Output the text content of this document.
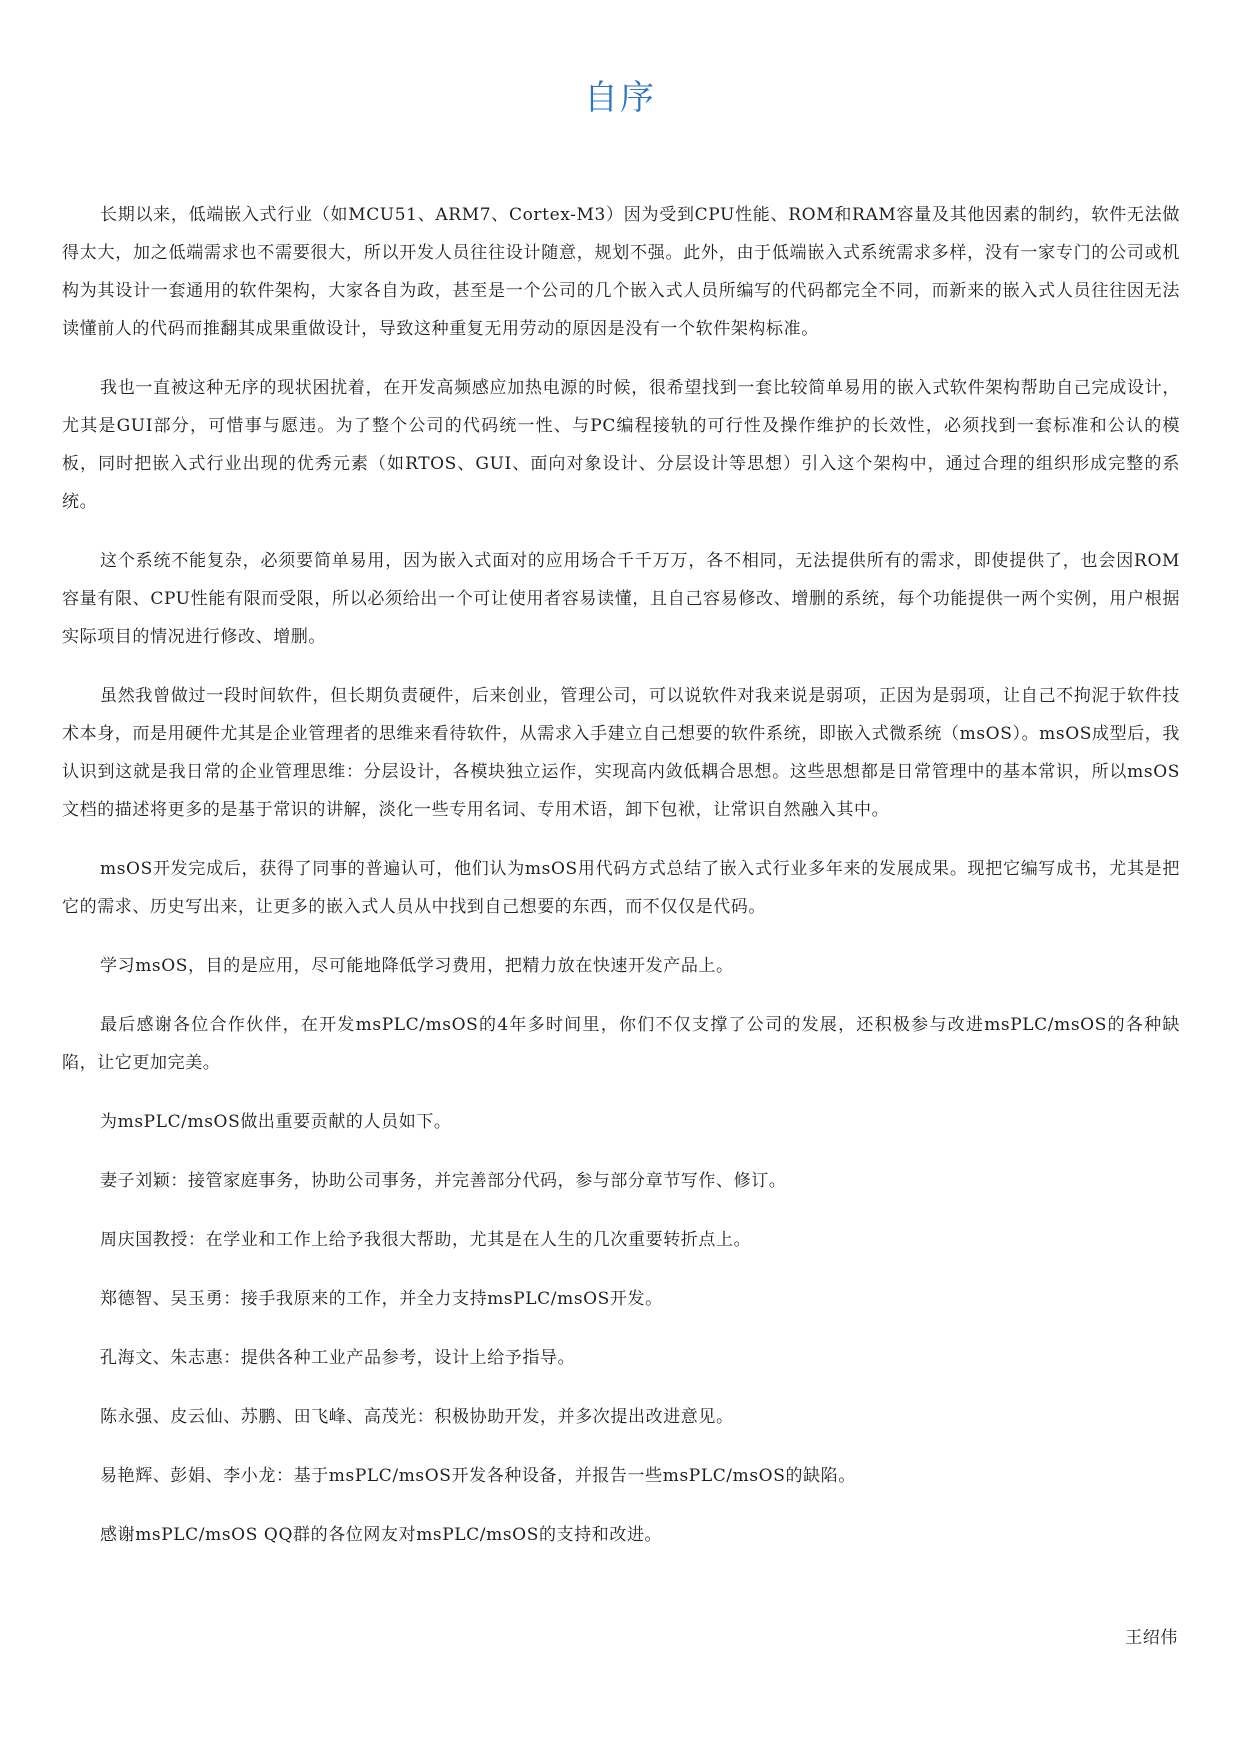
自序

长期以来，低端嵌入式行业（如MCU51、ARM7、Cortex-M3）因为受到CPU性能、ROM和RAM容量及其他因素的制约，软件无法做得太大，加之低端需求也不需要很大，所以开发人员往往设计随意，规划不强。此外，由于低端嵌入式系统需求多样，没有一家专门的公司或机构为其设计一套通用的软件架构，大家各自为政，甚至是一个公司的几个嵌入式人员所编写的代码都完全不同，而新来的嵌入式人员往往因无法读懂前人的代码而推翻其成果重做设计，导致这种重复无用劳动的原因是没有一个软件架构标准。

我也一直被这种无序的现状困扰着，在开发高频感应加热电源的时候，很希望找到一套比较简单易用的嵌入式软件架构帮助自己完成设计，尤其是GUI部分，可惜事与愿违。为了整个公司的代码统一性、与PC编程接轨的可行性及操作维护的长效性，必须找到一套标准和公认的模板，同时把嵌入式行业出现的优秀元素（如RTOS、GUI、面向对象设计、分层设计等思想）引入这个架构中，通过合理的组织形成完整的系统。

这个系统不能复杂，必须要简单易用，因为嵌入式面对的应用场合千千万万，各不相同，无法提供所有的需求，即使提供了，也会因ROM容量有限、CPU性能有限而受限，所以必须给出一个可让使用者容易读懂，且自己容易修改、增删的系统，每个功能提供一两个实例，用户根据实际项目的情况进行修改、增删。

虽然我曾做过一段时间软件，但长期负责硬件，后来创业，管理公司，可以说软件对我来说是弱项，正因为是弱项，让自己不拘泥于软件技术本身，而是用硬件尤其是企业管理者的思维来看待软件，从需求入手建立自己想要的软件系统，即嵌入式微系统（msOS）。msOS成型后，我认识到这就是我日常的企业管理思维：分层设计，各模块独立运作，实现高内敛低耦合思想。这些思想都是日常管理中的基本常识，所以msOS文档的描述将更多的是基于常识的讲解，淡化一些专用名词、专用术语，卸下包袱，让常识自然融入其中。

msOS开发完成后，获得了同事的普遍认可，他们认为msOS用代码方式总结了嵌入式行业多年来的发展成果。现把它编写成书，尤其是把它的需求、历史写出来，让更多的嵌入式人员从中找到自己想要的东西，而不仅仅是代码。

学习msOS，目的是应用，尽可能地降低学习费用，把精力放在快速开发产品上。

最后感谢各位合作伙伴，在开发msPLC/msOS的4年多时间里，你们不仅支撑了公司的发展，还积极参与改进msPLC/msOS的各种缺陷，让它更加完美。

为msPLC/msOS做出重要贡献的人员如下。

妻子刘颖：接管家庭事务，协助公司事务，并完善部分代码，参与部分章节写作、修订。

周庆国教授：在学业和工作上给予我很大帮助，尤其是在人生的几次重要转折点上。

郑德智、吴玉勇：接手我原来的工作，并全力支持msPLC/msOS开发。

孔海文、朱志惠：提供各种工业产品参考，设计上给予指导。

陈永强、皮云仙、苏鹏、田飞峰、高茂光：积极协助开发，并多次提出改进意见。

易艳辉、彭娟、李小龙：基于msPLC/msOS开发各种设备，并报告一些msPLC/msOS的缺陷。

感谢msPLC/msOS QQ群的各位网友对msPLC/msOS的支持和改进。

王绍伟
